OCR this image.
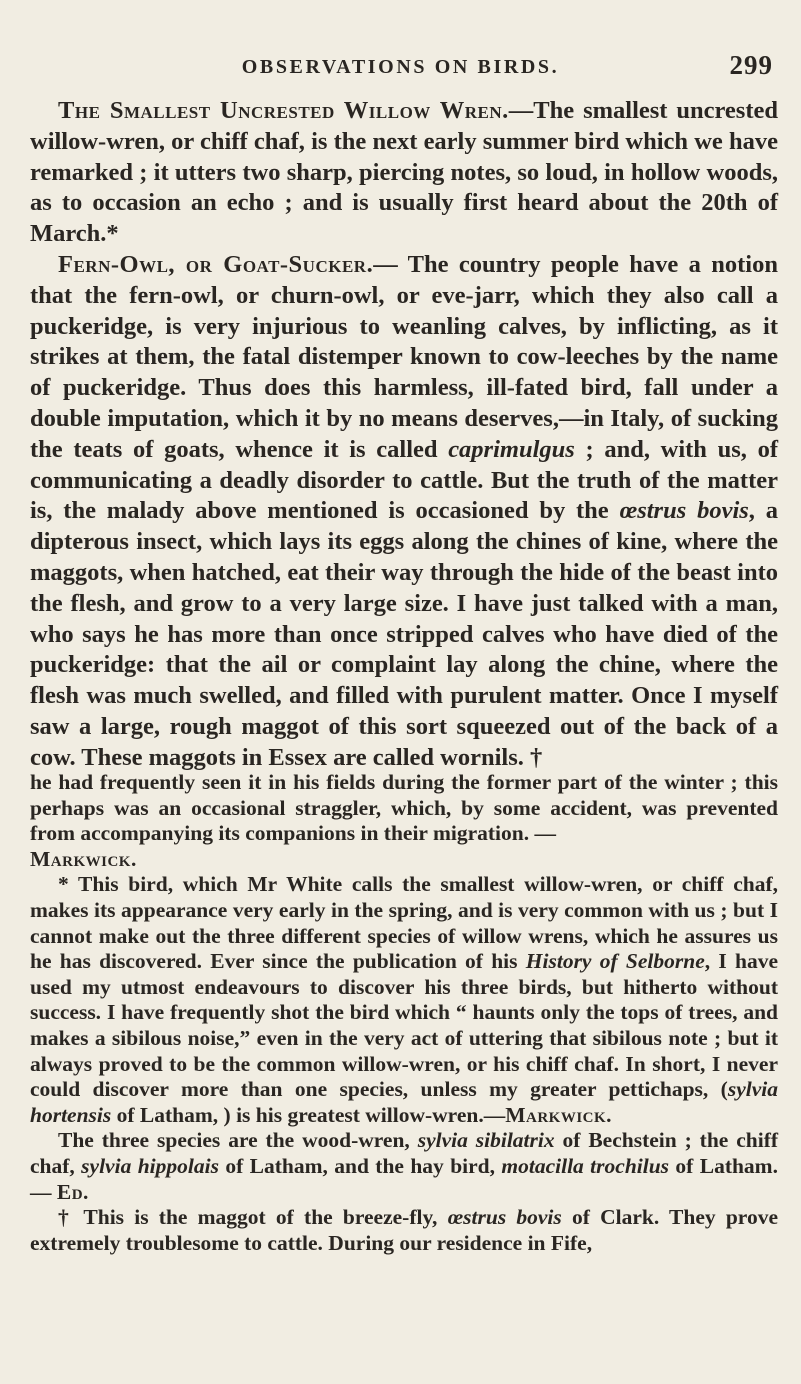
OBSERVATIONS ON BIRDS.	299

The Smallest Uncrested Willow Wren.—The smallest uncrested willow-wren, or chiff chaf, is the next early summer bird which we have remarked ; it utters two sharp, piercing notes, so loud, in hollow woods, as to occasion an echo ; and is usually first heard about the 20th of March.*

Fern-Owl, or Goat-Sucker.— The country people have a notion that the fern-owl, or churn-owl, or eve-jarr, which they also call a puckeridge, is very injurious to weanling calves, by inflicting, as it strikes at them, the fatal distemper known to cow-leeches by the name of puckeridge. Thus does this harmless, ill-fated bird, fall under a double imputation, which it by no means deserves,—in Italy, of sucking the teats of goats, whence it is called caprimulgus ; and, with us, of communicating a deadly disorder to cattle. But the truth of the matter is, the malady above mentioned is occasioned by the œstrus bovis, a dipterous insect, which lays its eggs along the chines of kine, where the maggots, when hatched, eat their way through the hide of the beast into the flesh, and grow to a very large size. I have just talked with a man, who says he has more than once stripped calves who have died of the puckeridge: that the ail or complaint lay along the chine, where the flesh was much swelled, and filled with purulent matter. Once I myself saw a large, rough maggot of this sort squeezed out of the back of a cow. These maggots in Essex are called wornils. †

he had frequently seen it in his fields during the former part of the winter ; this perhaps was an occasional straggler, which, by some accident, was prevented from accompanying its companions in their migration. —
Markwick.

* This bird, which Mr White calls the smallest willow-wren, or chiff chaf, makes its appearance very early in the spring, and is very common with us ; but I cannot make out the three different species of willow wrens, which he assures us he has discovered. Ever since the publication of his History of Selborne, I have used my utmost endeavours to discover his three birds, but hitherto without success. I have frequently shot the bird which “ haunts only the tops of trees, and makes a sibilous noise,” even in the very act of uttering that sibilous note ; but it always proved to be the common willow-wren, or his chiff chaf. In short, I never could discover more than one species, unless my greater pettichaps, (sylvia hortensis of Latham, ) is his greatest willow-wren.—Markwick.

The three species are the wood-wren, sylvia sibilatrix of Bechstein ; the chiff chaf, sylvia hippolais of Latham, and the hay bird, motacilla trochilus of Latham. — Ed.

† This is the maggot of the breeze-fly, œstrus bovis of Clark. They prove extremely troublesome to cattle. During our residence in Fife,
